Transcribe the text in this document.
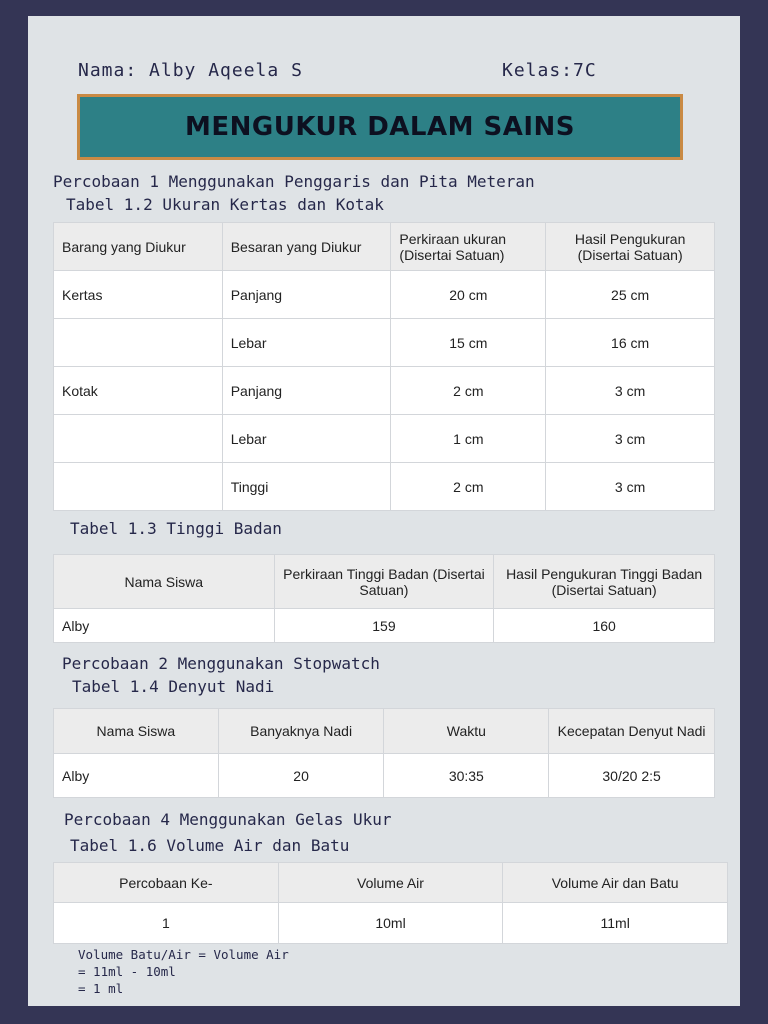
Nama: Alby Aqeela S	Kelas:7C
MENGUKUR DALAM SAINS
Percobaan 1 Menggunakan Penggaris dan Pita Meteran
Tabel 1.2 Ukuran Kertas dan Kotak
Barang yang Diukur	Besaran yang Diukur	Perkiraan ukuran (Disertai Satuan)	Hasil Pengukuran (Disertai Satuan)
Kertas	Panjang	20 cm	25 cm
	Lebar	15 cm	16 cm
Kotak	Panjang	2 cm	3 cm
	Lebar	1 cm	3 cm
	Tinggi	2 cm	3 cm
Tabel 1.3 Tinggi Badan
Nama Siswa	Perkiraan Tinggi Badan (Disertai Satuan)	Hasil Pengukuran Tinggi Badan (Disertai Satuan)
Alby	159	160
Percobaan 2 Menggunakan Stopwatch
Tabel 1.4 Denyut Nadi
Nama Siswa	Banyaknya Nadi	Waktu	Kecepatan Denyut Nadi
Alby	20	30:35	30/20 2:5
Percobaan 4 Menggunakan Gelas Ukur
Tabel 1.6 Volume Air dan Batu
Percobaan Ke-	Volume Air	Volume Air dan Batu
1	10ml	11ml
Volume Batu/Air = Volume Air
= 11ml - 10ml
= 1 ml
